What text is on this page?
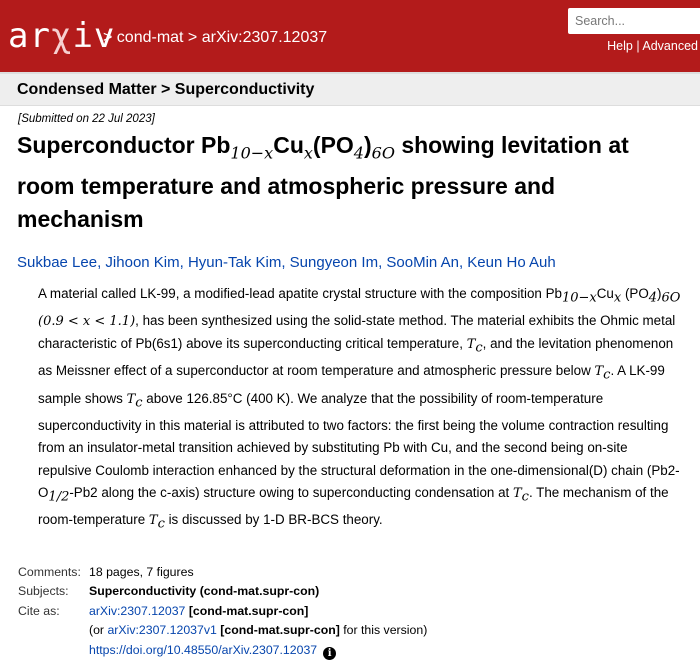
arχiv
> cond-mat > arXiv:2307.12037
Search...	Help | Advanced
Condensed Matter > Superconductivity
[Submitted on 22 Jul 2023]
Superconductor $Pb_{10-x}Cu_x(PO_4)_{6O}$ showing levitation at room temperature and atmospheric pressure and mechanism
Sukbae Lee, Jihoon Kim, Hyun-Tak Kim, Sungyeon Im, SooMin An, Keun Ho Auh
A material called LK-99, a modified-lead apatite crystal structure with the composition $Pb_{10-x}Cu_x$ $(PO_4)_{6O}$ (0.9 < x < 1.1), has been synthesized using the solid-state method. The material exhibits the Ohmic metal characteristic of Pb(6s1) above its superconducting critical temperature, $T_c$, and the levitation phenomenon as Meissner effect of a superconductor at room temperature and atmospheric pressure below $T_c$. A LK-99 sample shows $T_c$ above 126.85°C (400 K). We analyze that the possibility of room-temperature superconductivity in this material is attributed to two factors: the first being the volume contraction resulting from an insulator-metal transition achieved by substituting Pb with Cu, and the second being on-site repulsive Coulomb interaction enhanced by the structural deformation in the one-dimensional(D) chain ($Pb2-O_{1/2}-Pb2$ along the c-axis) structure owing to superconducting condensation at $T_c$. The mechanism of the room-temperature $T_c$ is discussed by 1-D BR-BCS theory.
Comments: 18 pages, 7 figures
Subjects:	Superconductivity (cond-mat.supr-con)
Cite as:	arXiv:2307.12037 [cond-mat.supr-con]
(or arXiv:2307.12037v1 [cond-mat.supr-con] for this version)
https://doi.org/10.48550/arXiv.2307.12037 i
